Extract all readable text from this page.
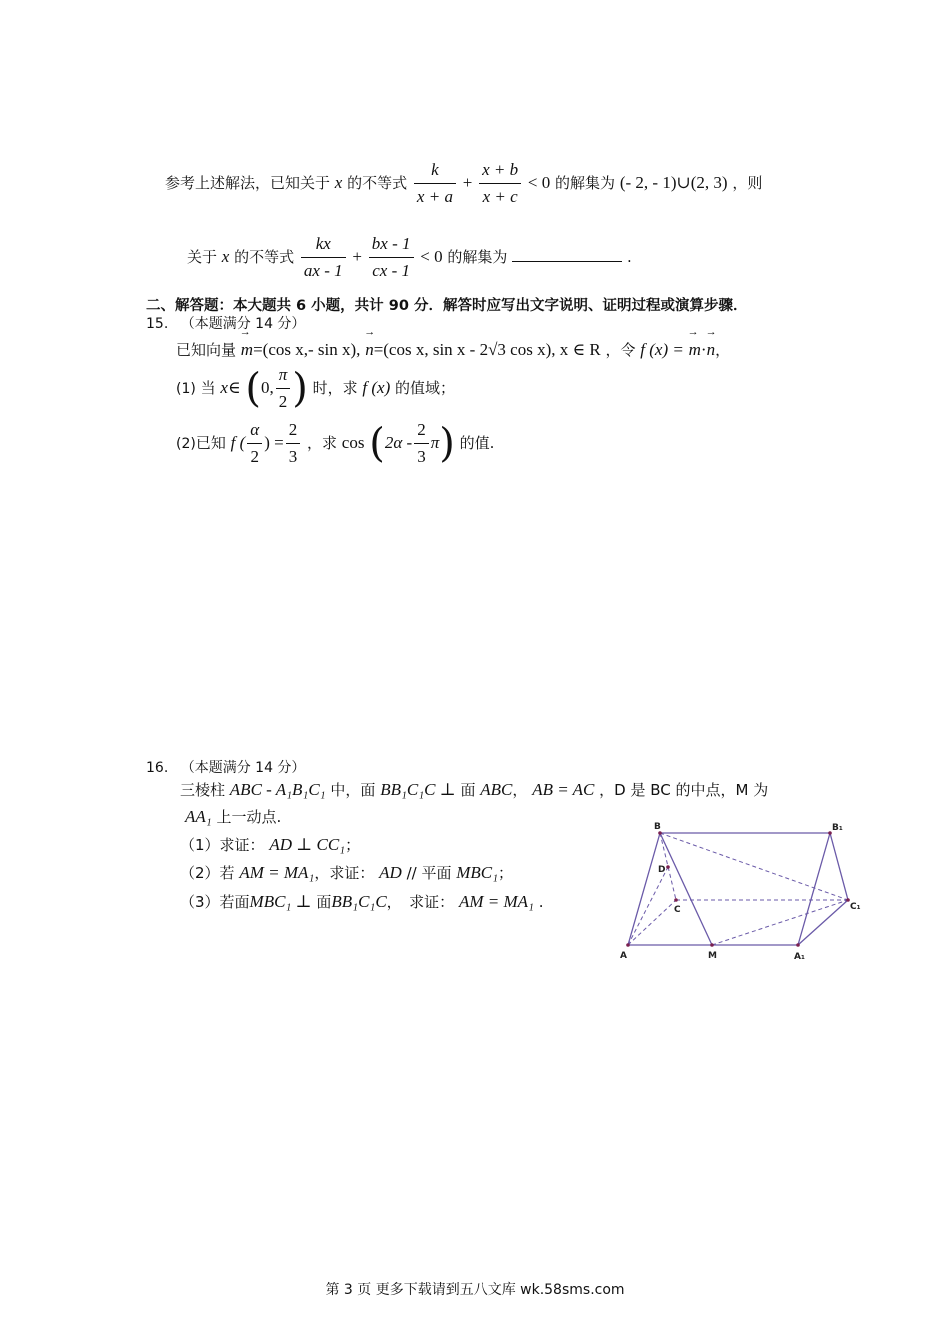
参考上述解法，已知关于 x 的不等式 $\frac{k}{x + a} + \frac{x + b}{x + c} < 0$ 的解集为 (- 2, - 1)∪(2, 3) ，则
关于 x 的不等式 $\frac{kx}{ax - 1} + \frac{bx - 1}{cx - 1} < 0$ 的解集为	.
二、解答题：本大题共 6 小题，共计 90 分．解答时应写出文字说明、证明过程或演算步骤．
15. （本题满分 14 分）
已知向量 → m=(cos x,- sin x), → n=(cos x, sin x - 2√3 cos x), x ∈ R ，令 f (x) = → m·→ n，
(1) 当 x∈ (0, $\frac{\pi}{2}$ ) 时，求 f (x) 的值域；
(2)已知 f ( $\frac{\alpha}{2}$ ) = $\frac{2}{3}$ ，求 $\cos (2\alpha - \frac{2}{3} \pi)$ 的值.
16. （本题满分 14 分）
三棱柱 ABC - A₁B₁C₁ 中，面 BB₁C₁C ⊥ 面 ABC， AB = AC ，D 是 BC 的中点，M 为
AA₁ 上一动点.
（1）求证： AD ⊥ CC₁；
（2）若 AM = MA₁，求证： AD // 平面 MBC₁；
（3）若面MBC₁ ⊥ 面BB₁C₁C，　求证： AM = MA₁ .
B	B₁
D
C	C₁
A	M	A₁
第 3 页 更多下载请到五八文库 wk.58sms.com
